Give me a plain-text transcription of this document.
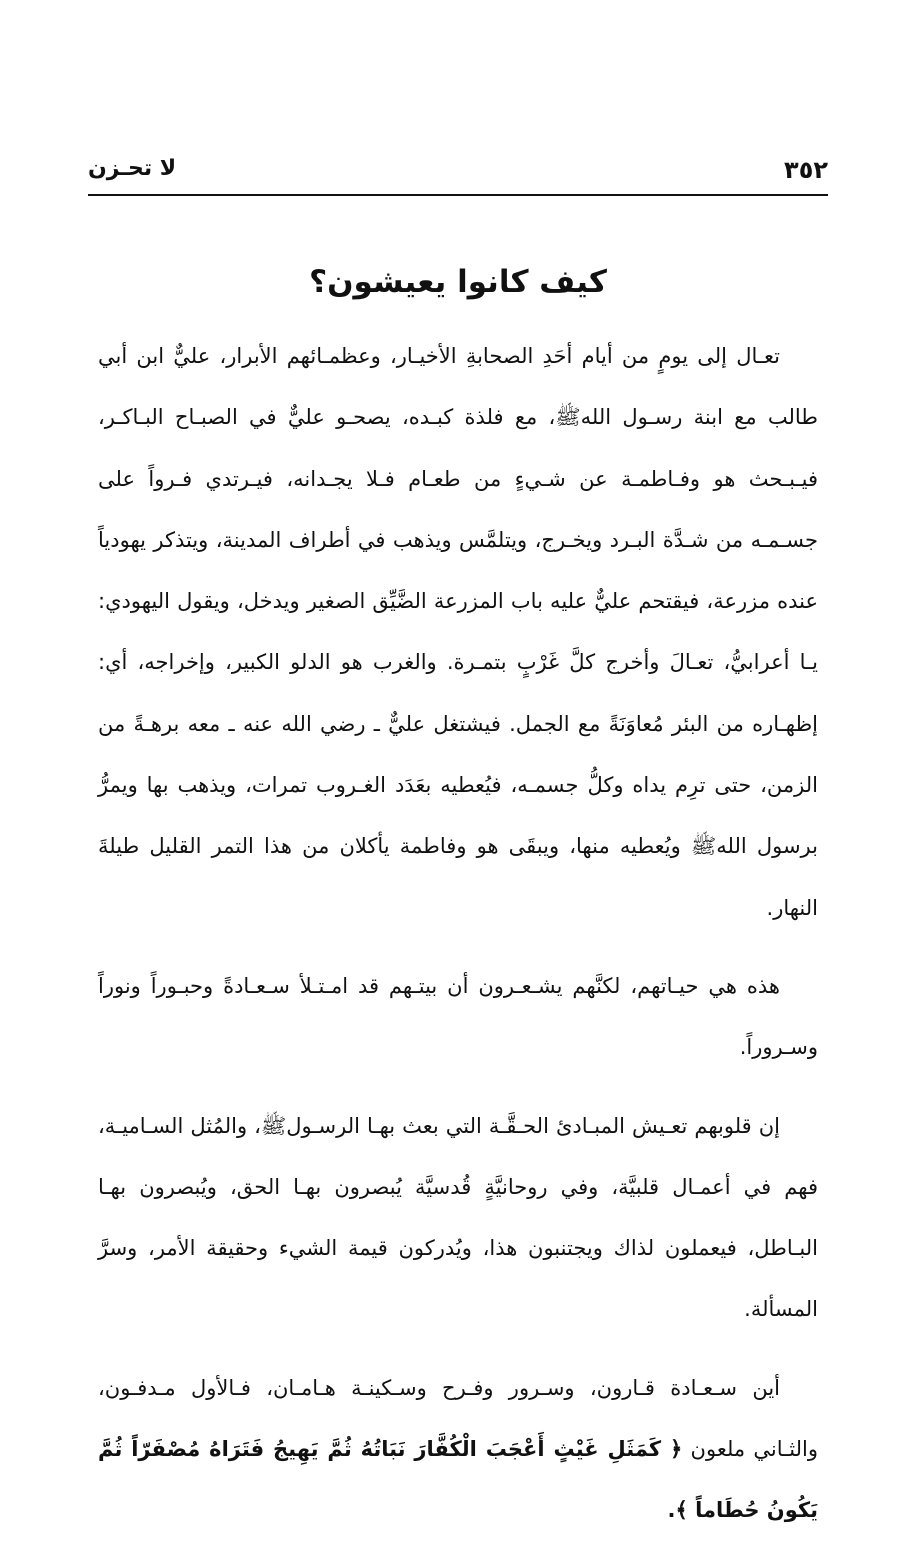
٣٥٢
لا تحـزن
كيف كانوا يعيشون؟

تعـال إلى يومٍ من أيام أحَدِ الصحابةِ الأخيـار، وعظمـائهم الأبرار، عليٌّ ابن أبي طالب مع ابنة رسـول اللهﷺ، مع فلذة كبـده، يصحـو عليٌّ في الصبـاح البـاكـر، فيـبـحث هو وفـاطمـة عن شـيءٍ من طعـام فـلا يجـدانه، فيـرتدي فـرواً على جسـمـه من شـدَّة البـرد ويخـرج، ويتلمَّس ويذهب في أطراف المدينة، ويتذكر يهودياً عنده مزرعة، فيقتحم عليٌّ عليه باب المزرعة الضَّيِّق الصغير ويدخل، ويقول اليهودي: يـا أعرابيُّ، تعـالَ وأخرج كلَّ غَرْبٍ بتمـرة. والغرب هو الدلو الكبير، وإخراجه، أي: إظهـاره من البئر مُعاوَنَةً مع الجمل. فيشتغل عليٌّ ـ رضي الله عنه ـ معه برهـةً من الزمن، حتى ترِم يداه وكلُّ جسمـه، فيُعطيه بعَدَد الغـروب تمرات، ويذهب بها ويمرُّ برسول اللهﷺ ويُعطيه منها، ويبقَى هو وفاطمة يأكلان من هذا التمر القليل طيلةَ النهار.

هذه هي حيـاتهم، لكنَّهم يشـعـرون أن بيتـهم قد امـتـلأ سـعـادةً وحبـوراً ونوراً وسـروراً.

إن قلوبهم تعـيش المبـادئ الحـقَّـة التي بعث بهـا الرسـولﷺ، والمُثل السـاميـة، فهم في أعمـال قلبيَّة، وفي روحانيَّةٍ قُدسيَّة يُبصرون بهـا الحق، ويُبصرون بهـا البـاطل، فيعملون لذاك ويجتنبون هذا، ويُدركون قيمة الشيء وحقيقة الأمر، وسرَّ المسألة.

أين سـعـادة قـارون، وسـرور وفـرح وسـكينـة هـامـان، فـالأول مـدفـون، والثـاني ملعون ﴿ كَمَثَلِ غَيْثٍ أَعْجَبَ الْكُفَّارَ نَبَاتُهُ ثُمَّ يَهِيجُ فَتَرَاهُ مُصْفَرّاً ثُمَّ يَكُونُ حُطَاماً ﴾.
